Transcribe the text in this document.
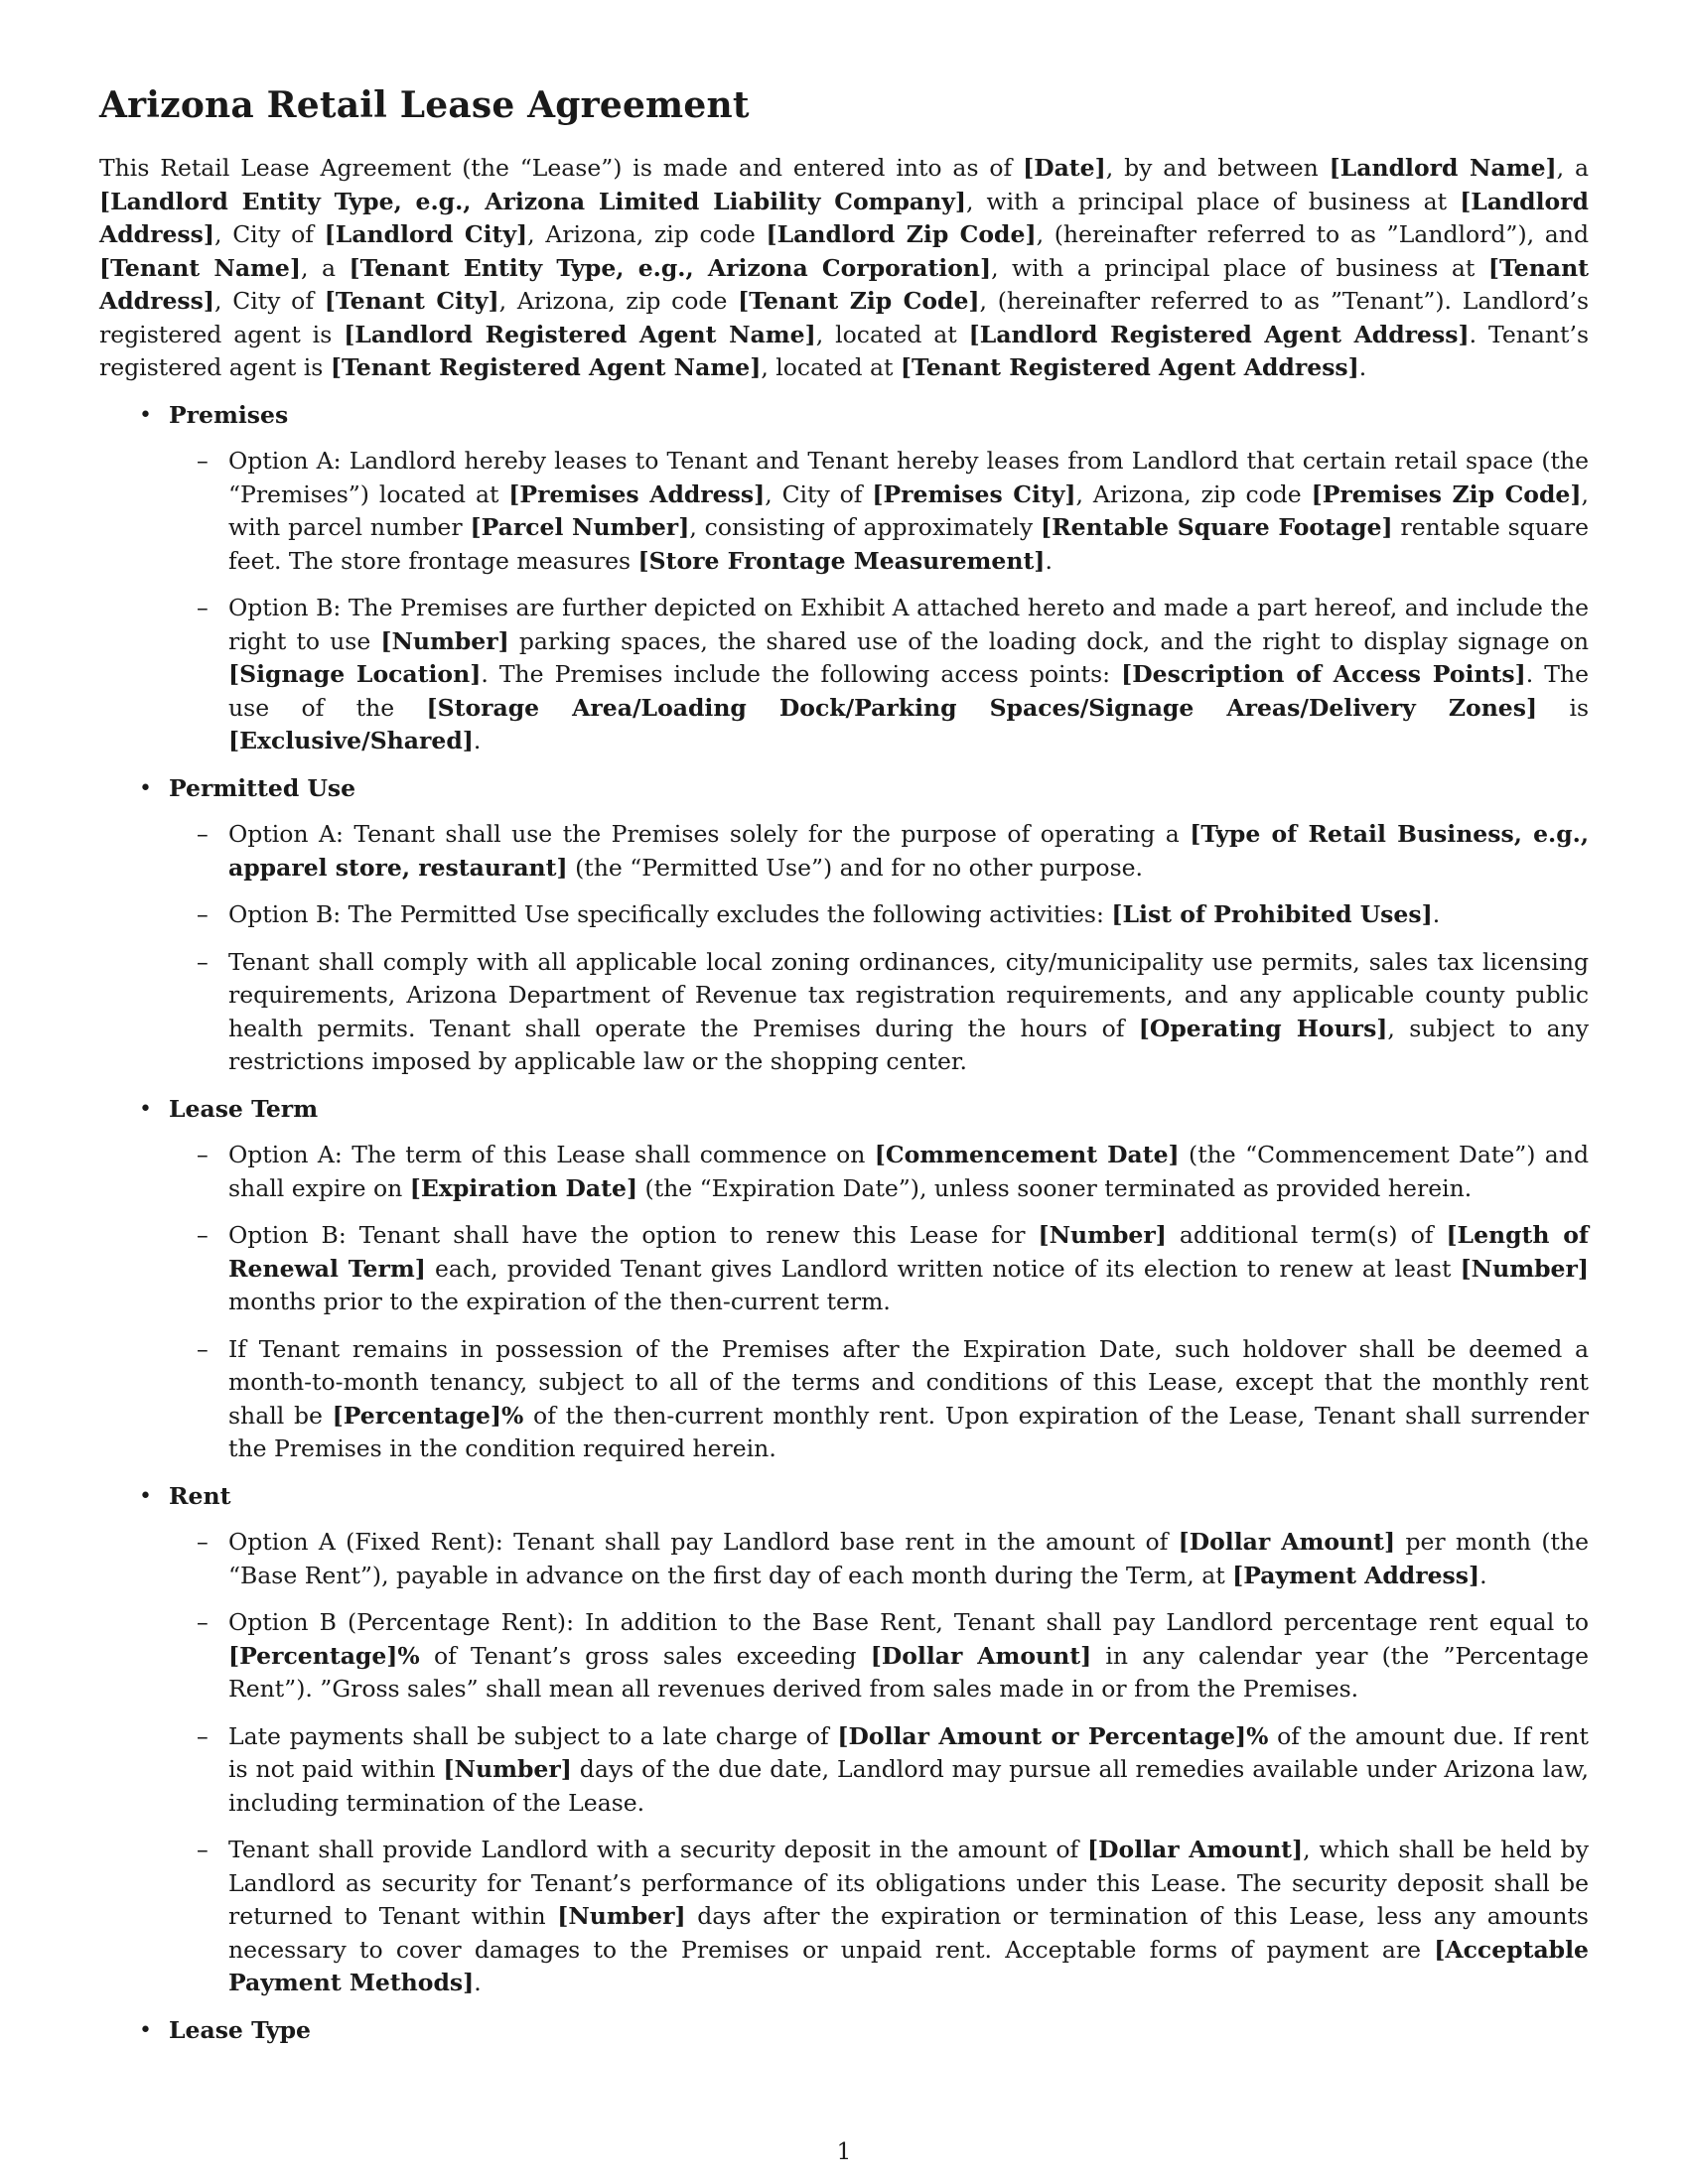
Arizona Retail Lease Agreement

This Retail Lease Agreement (the “Lease”) is made and entered into as of [Date], by and between [Landlord Name], a [Landlord Entity Type, e.g., Arizona Limited Liability Company], with a principal place of business at [Landlord Address], City of [Landlord City], Arizona, zip code [Landlord Zip Code], (hereinafter referred to as ”Landlord”), and [Tenant Name], a [Tenant Entity Type, e.g., Arizona Corporation], with a principal place of business at [Tenant Address], City of [Tenant City], Arizona, zip code [Tenant Zip Code], (hereinafter referred to as ”Tenant”). Landlord’s registered agent is [Landlord Registered Agent Name], located at [Landlord Registered Agent Address]. Tenant’s registered agent is [Tenant Registered Agent Name], located at [Tenant Registered Agent Address].

• Premises
– Option A: Landlord hereby leases to Tenant and Tenant hereby leases from Landlord that certain retail space (the “Premises”) located at [Premises Address], City of [Premises City], Arizona, zip code [Premises Zip Code], with parcel number [Parcel Number], consisting of approximately [Rentable Square Footage] rentable square feet. The store frontage measures [Store Frontage Measurement].
– Option B: The Premises are further depicted on Exhibit A attached hereto and made a part hereof, and include the right to use [Number] parking spaces, the shared use of the loading dock, and the right to display signage on [Signage Location]. The Premises include the following access points: [Description of Access Points]. The use of the [Storage Area/Loading Dock/Parking Spaces/Signage Areas/Delivery Zones] is [Exclusive/Shared].
• Permitted Use
– Option A: Tenant shall use the Premises solely for the purpose of operating a [Type of Retail Business, e.g., apparel store, restaurant] (the “Permitted Use”) and for no other purpose.
– Option B: The Permitted Use specifically excludes the following activities: [List of Prohibited Uses].
– Tenant shall comply with all applicable local zoning ordinances, city/municipality use permits, sales tax licensing requirements, Arizona Department of Revenue tax registration requirements, and any applicable county public health permits. Tenant shall operate the Premises during the hours of [Operating Hours], subject to any restrictions imposed by applicable law or the shopping center.
• Lease Term
– Option A: The term of this Lease shall commence on [Commencement Date] (the “Commencement Date”) and shall expire on [Expiration Date] (the “Expiration Date”), unless sooner terminated as provided herein.
– Option B: Tenant shall have the option to renew this Lease for [Number] additional term(s) of [Length of Renewal Term] each, provided Tenant gives Landlord written notice of its election to renew at least [Number] months prior to the expiration of the then-current term.
– If Tenant remains in possession of the Premises after the Expiration Date, such holdover shall be deemed a month-to-month tenancy, subject to all of the terms and conditions of this Lease, except that the monthly rent shall be [Percentage]% of the then-current monthly rent. Upon expiration of the Lease, Tenant shall surrender the Premises in the condition required herein.
• Rent
– Option A (Fixed Rent): Tenant shall pay Landlord base rent in the amount of [Dollar Amount] per month (the “Base Rent”), payable in advance on the first day of each month during the Term, at [Payment Address].
– Option B (Percentage Rent): In addition to the Base Rent, Tenant shall pay Landlord percentage rent equal to [Percentage]% of Tenant’s gross sales exceeding [Dollar Amount] in any calendar year (the ”Percentage Rent”). ”Gross sales” shall mean all revenues derived from sales made in or from the Premises.
– Late payments shall be subject to a late charge of [Dollar Amount or Percentage]% of the amount due. If rent is not paid within [Number] days of the due date, Landlord may pursue all remedies available under Arizona law, including termination of the Lease.
– Tenant shall provide Landlord with a security deposit in the amount of [Dollar Amount], which shall be held by Landlord as security for Tenant’s performance of its obligations under this Lease. The security deposit shall be returned to Tenant within [Number] days after the expiration or termination of this Lease, less any amounts necessary to cover damages to the Premises or unpaid rent. Acceptable forms of payment are [Acceptable Payment Methods].
• Lease Type
1
